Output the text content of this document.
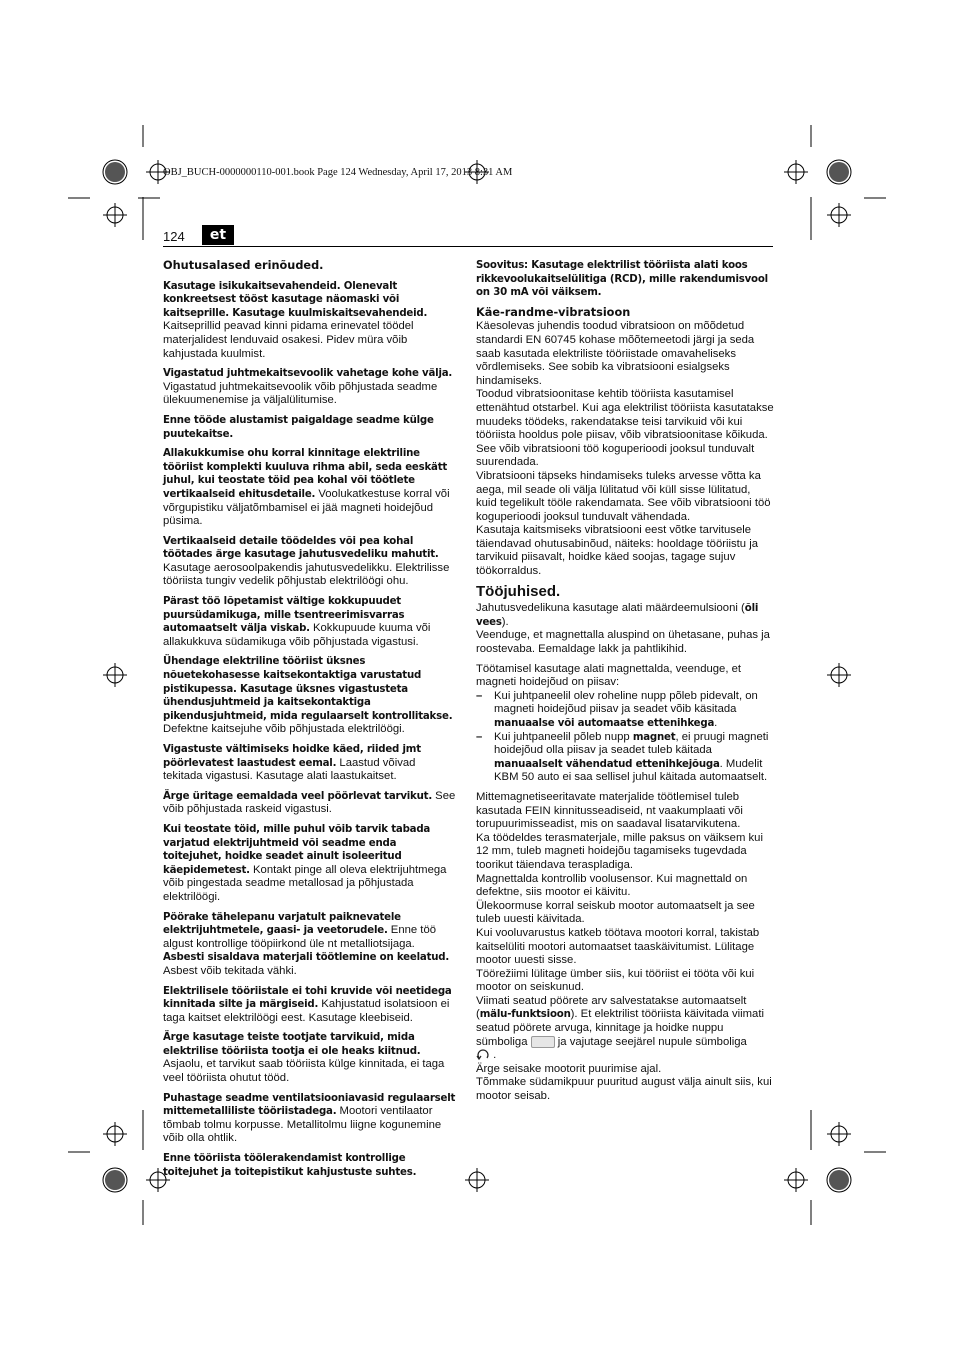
OBJ_BUCH-0000000110-001.book Page 124 Wednesday, April 17, 2013 8:31 AM
124	et
Ohutusalased erinõuded.

Kasutage isikukaitsevahendeid. Olenevalt konkreetsest tööst kasutage näomaski või kaitseprille. Kasutage kuulmiskaitsevahendeid. Kaitseprillid peavad kinni pidama erinevatel töödel materjalidest lenduvaid osakesi. Pidev müra võib kahjustada kuulmist.

Vigastatud juhtmekaitsevoolik vahetage kohe välja. Vigastatud juhtmekaitsevoolik võib põhjustada seadme ülekuumenemise ja väljalülitumise.

Enne tööde alustamist paigaldage seadme külge puutekaitse.

Allakukkumise ohu korral kinnitage elektriline tööriist komplekti kuuluva rihma abil, seda eeskätt juhul, kui teostate töid pea kohal või töötlete vertikaalseid ehitusdetaile. Voolukatkestuse korral või võrgupistiku väljatõmbamisel ei jää magneti hoidejõud püsima.

Vertikaalseid detaile töödeldes või pea kohal töötades ärge kasutage jahutusvedeliku mahutit. Kasutage aerosoolpakendis jahutusvedelikku. Elektrilisse tööriista tungiv vedelik põhjustab elektrilöögi ohu.

Pärast töö lõpetamist vältige kokkupuudet puursüdamikuga, mille tsentreerimisvarras automaatselt välja viskab. Kokkupuude kuuma või allakukkuva südamikuga võib põhjustada vigastusi.

Ühendage elektriline tööriist üksnes nõuetekohasesse kaitsekontaktiga varustatud pistikupessa. Kasutage üksnes vigastusteta ühendusjuhtmeid ja kaitsekontaktiga pikendusjuhtmeid, mida regulaarselt kontrollitakse. Defektne kaitsejuhe võib põhjustada elektrilöögi.

Vigastuste vältimiseks hoidke käed, riided jmt pöörlevatest laastudest eemal. Laastud võivad tekitada vigastusi. Kasutage alati laastukaitset.

Ärge üritage eemaldada veel pöörlevat tarvikut. See võib põhjustada raskeid vigastusi.

Kui teostate töid, mille puhul võib tarvik tabada varjatud elektrijuhtmeid või seadme enda toitejuhet, hoidke seadet ainult isoleeritud käepidemetest. Kontakt pinge all oleva elektrijuhtmega võib pingestada seadme metallosad ja põhjustada elektrilöögi.

Pöörake tähelepanu varjatult paiknevatele elektrijuhtmetele, gaasi- ja veetorudele. Enne töö algust kontrollige tööpiirkond üle nt metalliotsijaga.

Asbesti sisaldava materjali töötlemine on keelatud. Asbest võib tekitada vähki.

Elektrilisele tööriistale ei tohi kruvide või neetidega kinnitada silte ja märgiseid. Kahjustatud isolatsioon ei taga kaitset elektrilöögi eest. Kasutage kleebiseid.

Ärge kasutage teiste tootjate tarvikuid, mida elektrilise tööriista tootja ei ole heaks kiitnud. Asjaolu, et tarvikut saab tööriista külge kinnitada, ei taga veel tööriista ohutut tööd.

Puhastage seadme ventilatsiooniavasid regulaarselt mittemetalliliste tööriistadega. Mootori ventilaator tõmbab tolmu korpusse. Metallitolmu liigne kogunemine võib olla ohtlik.

Enne tööriista töölerakendamist kontrollige toitejuhet ja toitepistikut kahjustuste suhtes.

Soovitus: Kasutage elektrilist tööriista alati koos rikkevoolukaitselülitiga (RCD), mille rakendumisvool on 30 mA või väiksem.

Käe-randme-vibratsioon

Käesolevas juhendis toodud vibratsioon on mõõdetud standardi EN 60745 kohase mõõtemeetodi järgi ja seda saab kasutada elektriliste tööriistade omavaheliseks võrdlemiseks. See sobib ka vibratsiooni esialgseks hindamiseks.

Toodud vibratsioonitase kehtib tööriista kasutamisel ettenähtud otstarbel. Kui aga elektrilist tööriista kasutatakse muudeks töödeks, rakendatakse teisi tarvikuid või kui tööriista hooldus pole piisav, võib vibratsioonitase kõikuda. See võib vibratsiooni töö koguperioodi jooksul tunduvalt suurendada.

Vibratsiooni täpseks hindamiseks tuleks arvesse võtta ka aega, mil seade oli välja lülitatud või küll sisse lülitatud, kuid tegelikult tööle rakendamata. See võib vibratsiooni töö koguperioodi jooksul tunduvalt vähendada.

Kasutaja kaitsmiseks vibratsiooni eest võtke tarvitusele täiendavad ohutusabinõud, näiteks: hooldage tööriistu ja tarvikuid piisavalt, hoidke käed soojas, tagage sujuv töökorraldus.

Tööjuhised.

Jahutusvedelikuna kasutage alati määrdeemulsiooni (õli vees).

Veenduge, et magnettalla aluspind on ühetasane, puhas ja roostevaba. Eemaldage lakk ja pahtlikihid.

Töötamisel kasutage alati magnettalda, veenduge, et magneti hoidejõud on piisav:

– Kui juhtpaneelil olev roheline nupp põleb pidevalt, on magneti hoidejõud piisav ja seadet võib käsitada manuaalse või automaatse ettenihkega.
– Kui juhtpaneelil põleb nupp magnet, ei pruugi magneti hoidejõud olla piisav ja seadet tuleb käitada manuaalselt vähendatud ettenihkejõuga. Mudelit KBM 50 auto ei saa sellisel juhul käitada automaatselt.

Mittemagnetiseeritavate materjalide töötlemisel tuleb kasutada FEIN kinnitusseadiseid, nt vaakumplaati või torupuurimisseadist, mis on saadaval lisatarvikutena.

Ka töödeldes terasmaterjale, mille paksus on väiksem kui 12 mm, tuleb magneti hoidejõu tagamiseks tugevdada toorikut täiendava teraspladiga.

Magnettalda kontrollib voolusensor. Kui magnettald on defektne, siis mootor ei käivitu.

Ülekoormuse korral seiskub mootor automaatselt ja see tuleb uuesti käivitada.

Kui vooluvarustus katkeb töötava mootori korral, takistab kaitselüliti mootori automaatset taaskäivitumist. Lülitage mootor uuesti sisse.

Töörežiimi lülitage ümber siis, kui tööriist ei tööta või kui mootor on seiskunud.

Viimati seatud pöörete arv salvestatakse automaatselt (mälu-funktsioon). Et elektrilist tööriista käivitada viimati seatud pöörete arvuga, kinnitage ja hoidke nuppu sümboliga  ja vajutage seejärel nupule sümboliga
.

Ärge seisake mootorit puurimise ajal.

Tõmmake südamikpuur puuritud august välja ainult siis, kui mootor seisab.
